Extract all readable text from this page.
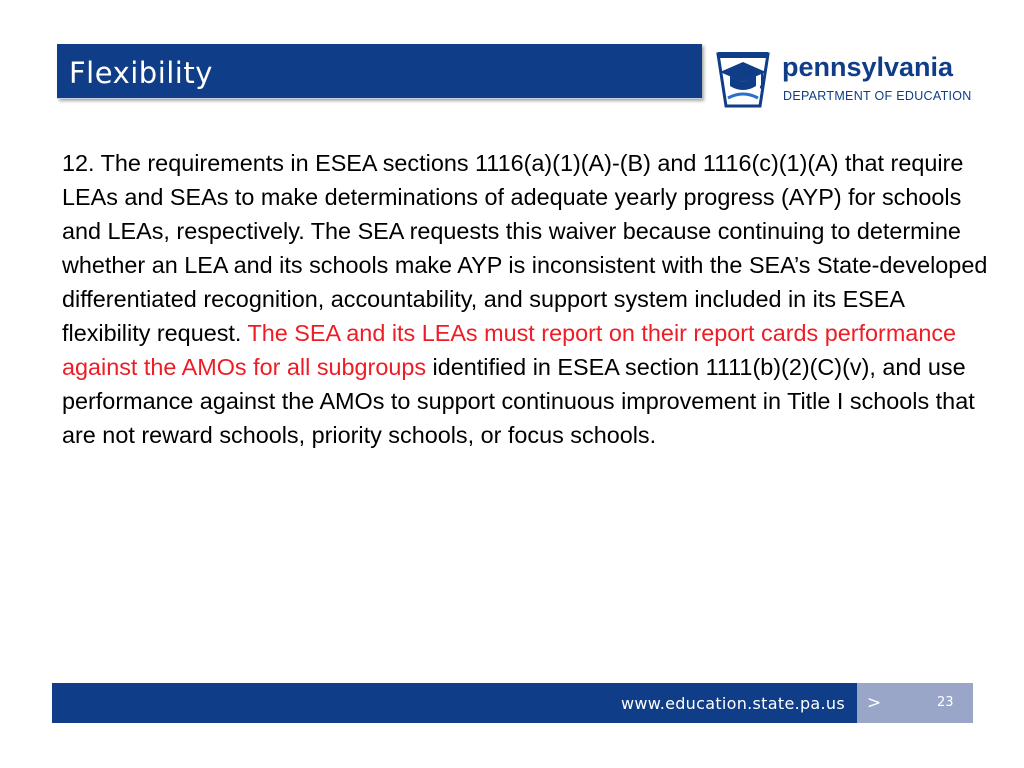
Flexibility	pennsylvania
DEPARTMENT OF EDUCATION

12. The requirements in ESEA sections 1116(a)(1)(A)-(B) and 1116(c)(1)(A) that require LEAs and SEAs to make determinations of adequate yearly progress (AYP) for schools and LEAs, respectively. The SEA requests this waiver because continuing to determine whether an LEA and its schools make AYP is inconsistent with the SEA’s State-developed differentiated recognition, accountability, and support system included in its ESEA flexibility request. The SEA and its LEAs must report on their report cards performance against the AMOs for all subgroups identified in ESEA section 1111(b)(2)(C)(v), and use performance against the AMOs to support continuous improvement in Title I schools that are not reward schools, priority schools, or focus schools.

www.education.state.pa.us >	23
